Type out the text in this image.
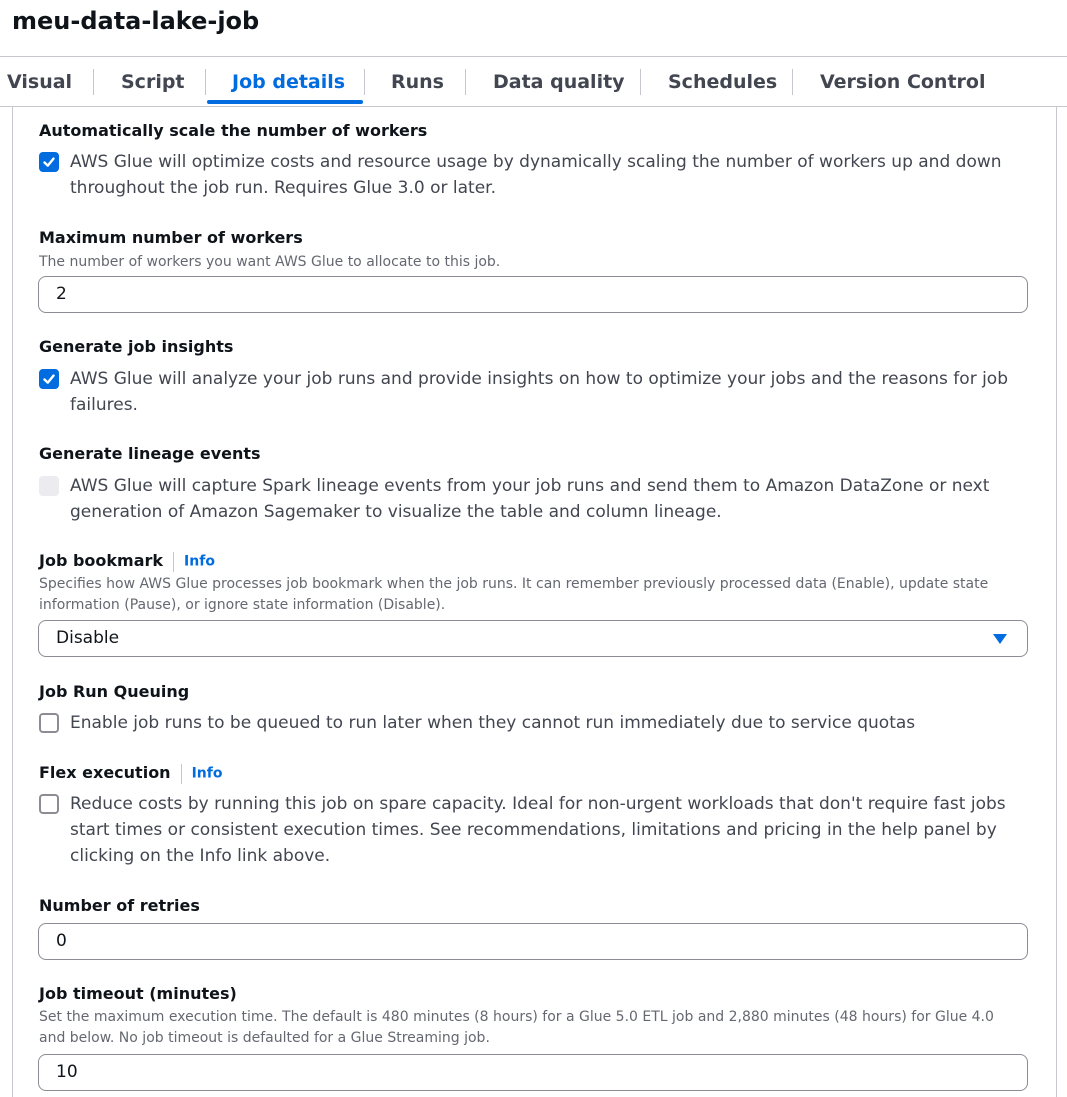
meu-data-lake-job
Visual	Script Job details Runs	Data quality Schedules Version Control
Automatically scale the number of workers
AWS Glue will optimize costs and resource usage by dynamically scaling the number of workers up and down
throughout the job run. Requires Glue 3.0 or later.
Maximum number of workers
The number of workers you want AWS Glue to allocate to this job.
2
Generate job insights
AWS Glue will analyze your job runs and provide insights on how to optimize your jobs and the reasons for job
failures.
Generate lineage events
AWS Glue will capture Spark lineage events from your job runs and send them to Amazon DataZone or next
generation of Amazon Sagemaker to visualize the table and column lineage.
Job bookmark Info
Specifies how AWS Glue processes job bookmark when the job runs. It can remember previously processed data (Enable), update state
information (Pause), or ignore state information (Disable).
Disable
Job Run Queuing
Enable job runs to be queued to run later when they cannot run immediately due to service quotas
Flex execution Info
Reduce costs by running this job on spare capacity. Ideal for non-urgent workloads that don't require fast jobs
start times or consistent execution times. See recommendations, limitations and pricing in the help panel by
clicking on the Info link above.
Number of retries
0
Job timeout (minutes)
Set the maximum execution time. The default is 480 minutes (8 hours) for a Glue 5.0 ETL job and 2,880 minutes (48 hours) for Glue 4.0
and below. No job timeout is defaulted for a Glue Streaming job.
10
